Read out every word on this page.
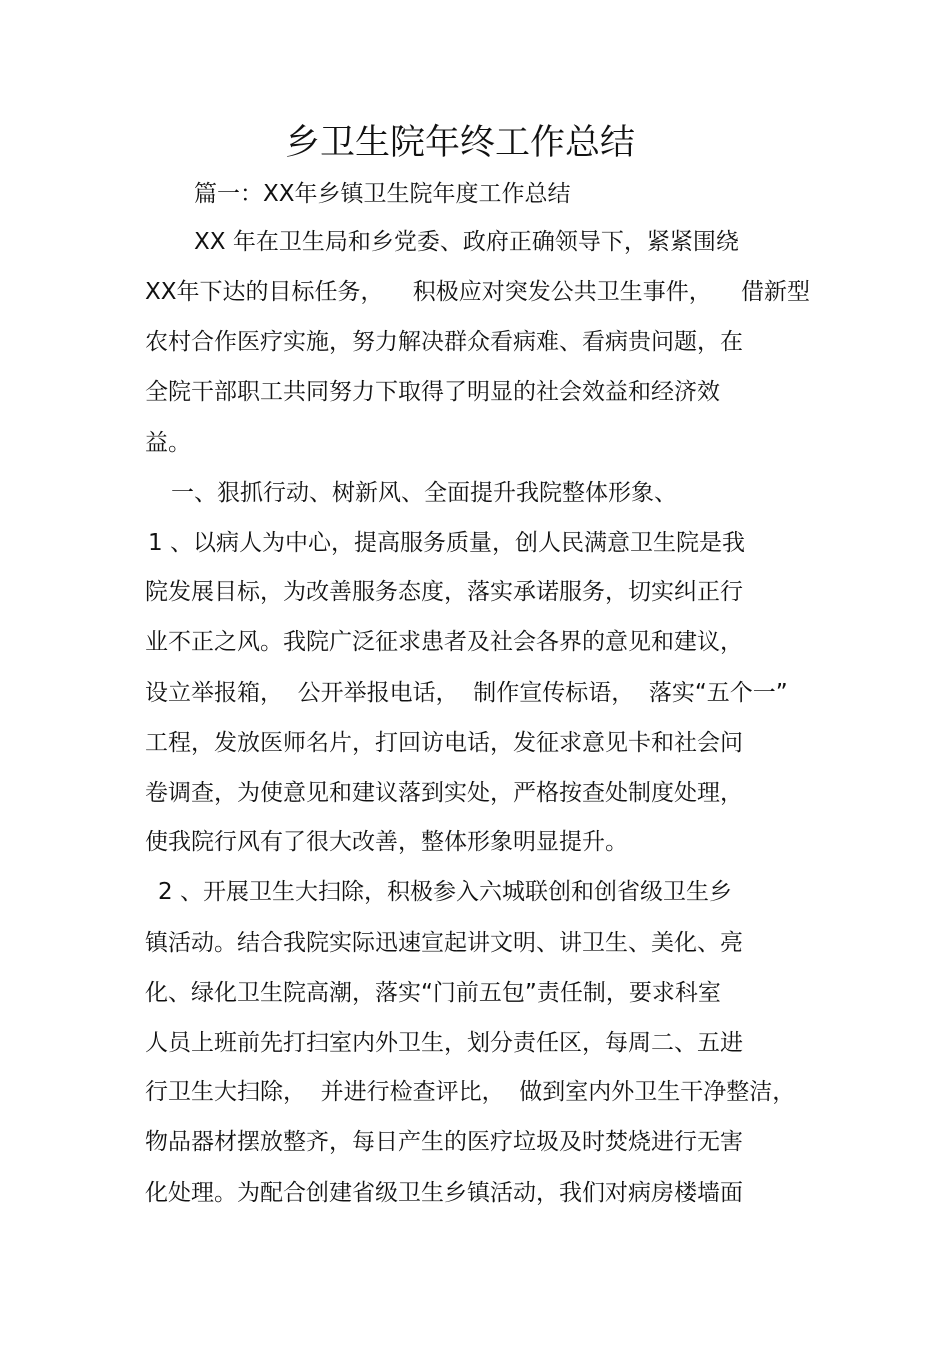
乡卫生院年终工作总结
篇一：XX年乡镇卫生院年度工作总结
XX 年在卫生局和乡党委、政府正确领导下，紧紧围绕
XX年下达的目标任务，    积极应对突发公共卫生事件，    借新型
农村合作医疗实施，努力解决群众看病难、看病贵问题，在
全院干部职工共同努力下取得了明显的社会效益和经济效
益。
一、狠抓行动、树新风、全面提升我院整体形象、
1 、以病人为中心，提高服务质量，创人民满意卫生院是我
院发展目标，为改善服务态度，落实承诺服务，切实纠正行
业不正之风。我院广泛征求患者及社会各界的意见和建议，
设立举报箱，  公开举报电话，  制作宣传标语，  落实“五个一”
工程，发放医师名片，打回访电话，发征求意见卡和社会问
卷调查，为使意见和建议落到实处，严格按查处制度处理，
使我院行风有了很大改善，整体形象明显提升。
2 、开展卫生大扫除，积极参入六城联创和创省级卫生乡
镇活动。结合我院实际迅速宣起讲文明、讲卫生、美化、亮
化、绿化卫生院高潮，落实“门前五包”责任制，要求科室
人员上班前先打扫室内外卫生，划分责任区，每周二、五进
行卫生大扫除，  并进行检查评比，  做到室内外卫生干净整洁，
物品器材摆放整齐，每日产生的医疗垃圾及时焚烧进行无害
化处理。为配合创建省级卫生乡镇活动，我们对病房楼墙面
